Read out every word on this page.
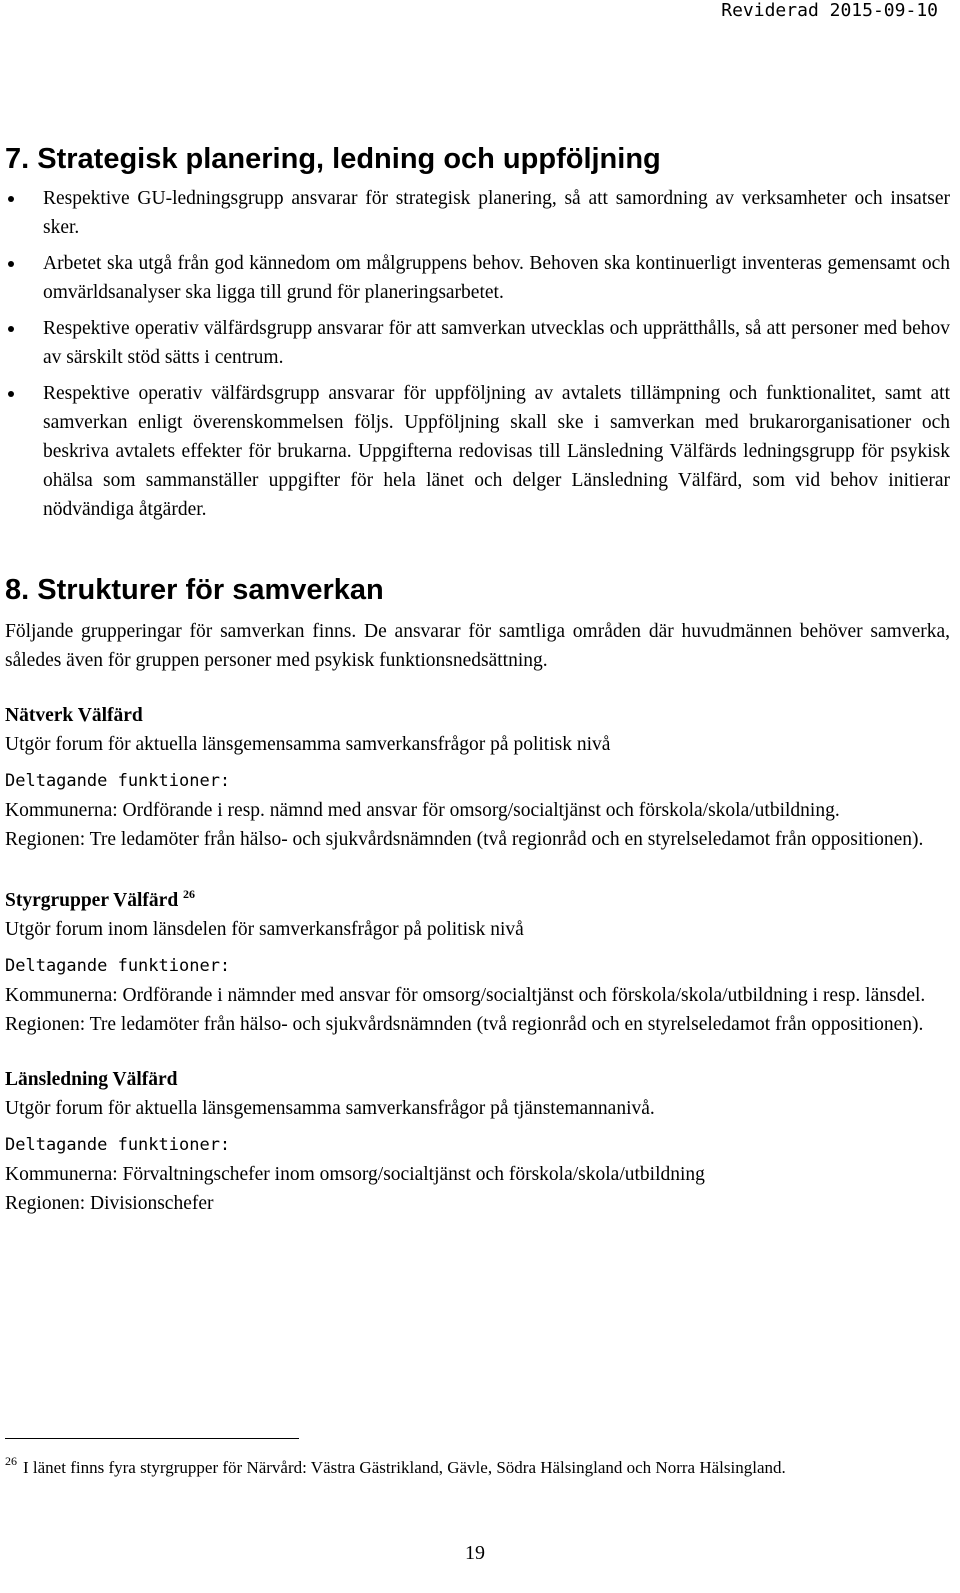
Reviderad 2015-09-10
7. Strategisk planering, ledning och uppföljning
Respektive GU-ledningsgrupp ansvarar för strategisk planering, så att samordning av verksamheter och insatser sker.
Arbetet ska utgå från god kännedom om målgruppens behov. Behoven ska kontinuerligt inventeras gemensamt och omvärldsanalyser ska ligga till grund för planeringsarbetet.
Respektive operativ välfärdsgrupp ansvarar för att samverkan utvecklas och upprätthålls, så att personer med behov av särskilt stöd sätts i centrum.
Respektive operativ välfärdsgrupp ansvarar för uppföljning av avtalets tillämpning och funktionalitet, samt att samverkan enligt överenskommelsen följs. Uppföljning skall ske i samverkan med brukarorganisationer och beskriva avtalets effekter för brukarna. Uppgifterna redovisas till Länsledning Välfärds ledningsgrupp för psykisk ohälsa som sammanställer uppgifter för hela länet och delger Länsledning Välfärd, som vid behov initierar nödvändiga åtgärder.
8. Strukturer för samverkan

Följande grupperingar för samverkan finns. De ansvarar för samtliga områden där huvudmännen behöver samverka, således även för gruppen personer med psykisk funktionsnedsättning.

Nätverk Välfärd

Utgör forum för aktuella länsgemensamma samverkansfrågor på politisk nivå

Deltagande funktioner:

Kommunerna: Ordförande i resp. nämnd med ansvar för omsorg/socialtjänst och förskola/skola/utbildning.

Regionen: Tre ledamöter från hälso- och sjukvårdsnämnden (två regionråd och en styrelseledamot från oppositionen).

Styrgrupper Välfärd $^{26}$

Utgör forum inom länsdelen för samverkansfrågor på politisk nivå

Deltagande funktioner:

Kommunerna: Ordförande i nämnder med ansvar för omsorg/socialtjänst och förskola/skola/utbildning i resp. länsdel.

Regionen: Tre ledamöter från hälso- och sjukvårdsnämnden (två regionråd och en styrelseledamot från oppositionen).

Länsledning Välfärd

Utgör forum för aktuella länsgemensamma samverkansfrågor på tjänstemannanivå.

Deltagande funktioner:

Kommunerna: Förvaltningschefer inom omsorg/socialtjänst och förskola/skola/utbildning

Regionen: Divisionschefer

$^{26}$ I länet finns fyra styrgrupper för Närvård: Västra Gästrikland, Gävle, Södra Hälsingland och Norra Hälsingland.
19
